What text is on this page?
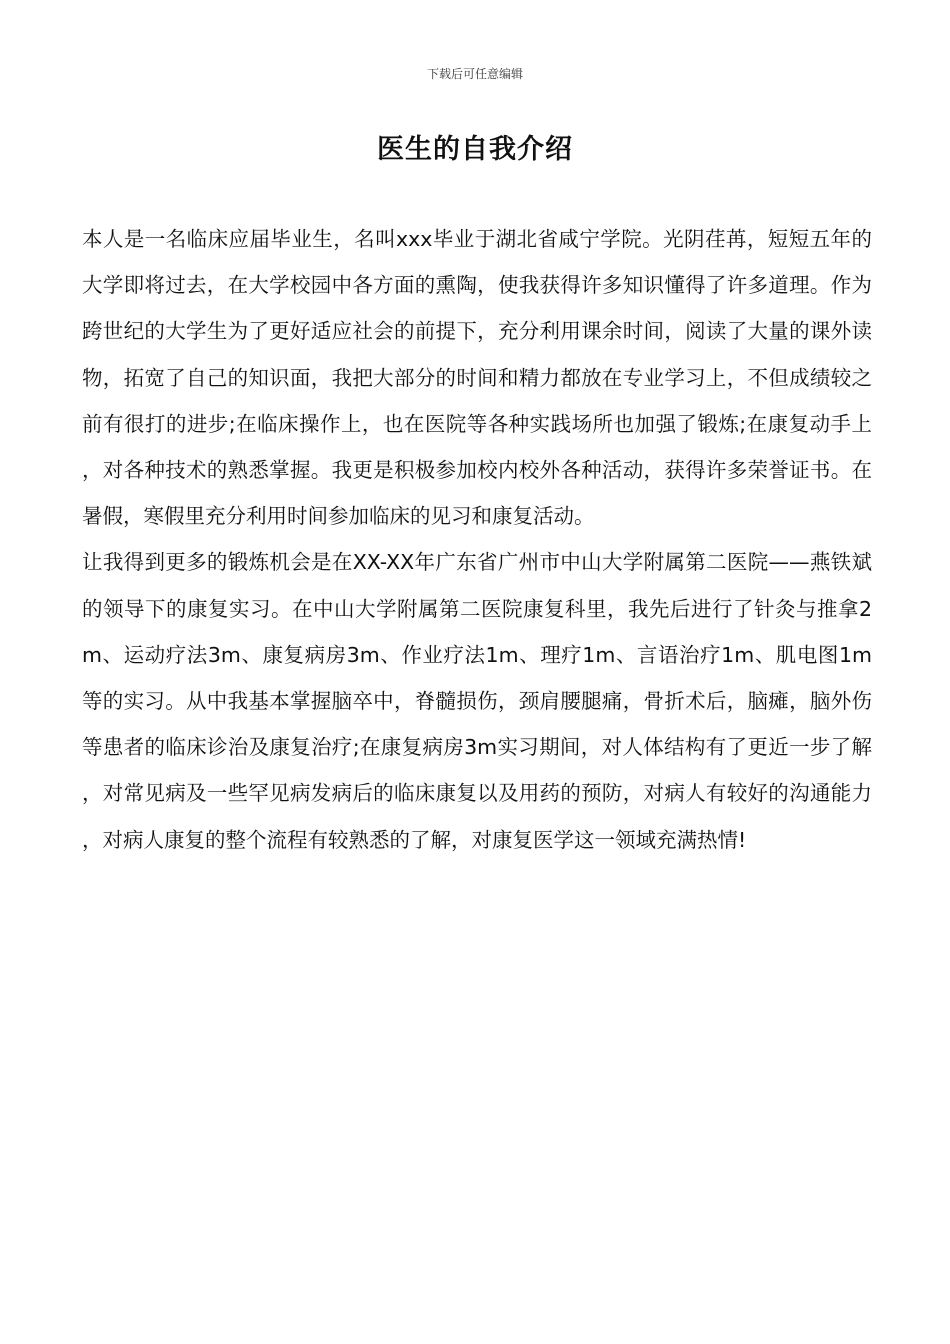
下载后可任意编辑
医生的自我介绍

本人是一名临床应届毕业生，名叫xxx毕业于湖北省咸宁学院。光阴荏苒，短短五年的大学即将过去，在大学校园中各方面的熏陶，使我获得许多知识懂得了许多道理。作为跨世纪的大学生为了更好适应社会的前提下，充分利用课余时间，阅读了大量的课外读物，拓宽了自己的知识面，我把大部分的时间和精力都放在专业学习上，不但成绩较之前有很打的进步;在临床操作上，也在医院等各种实践场所也加强了锻炼;在康复动手上，对各种技术的熟悉掌握。我更是积极参加校内校外各种活动，获得许多荣誉证书。在暑假，寒假里充分利用时间参加临床的见习和康复活动。

让我得到更多的锻炼机会是在XX-XX年广东省广州市中山大学附属第二医院——燕铁斌的领导下的康复实习。在中山大学附属第二医院康复科里，我先后进行了针灸与推拿2m、运动疗法3m、康复病房3m、作业疗法1m、理疗1m、言语治疗1m、肌电图1m等的实习。从中我基本掌握脑卒中，脊髓损伤，颈肩腰腿痛，骨折术后，脑瘫，脑外伤等患者的临床诊治及康复治疗;在康复病房3m实习期间，对人体结构有了更近一步了解，对常见病及一些罕见病发病后的临床康复以及用药的预防，对病人有较好的沟通能力，对病人康复的整个流程有较熟悉的了解，对康复医学这一领域充满热情!
